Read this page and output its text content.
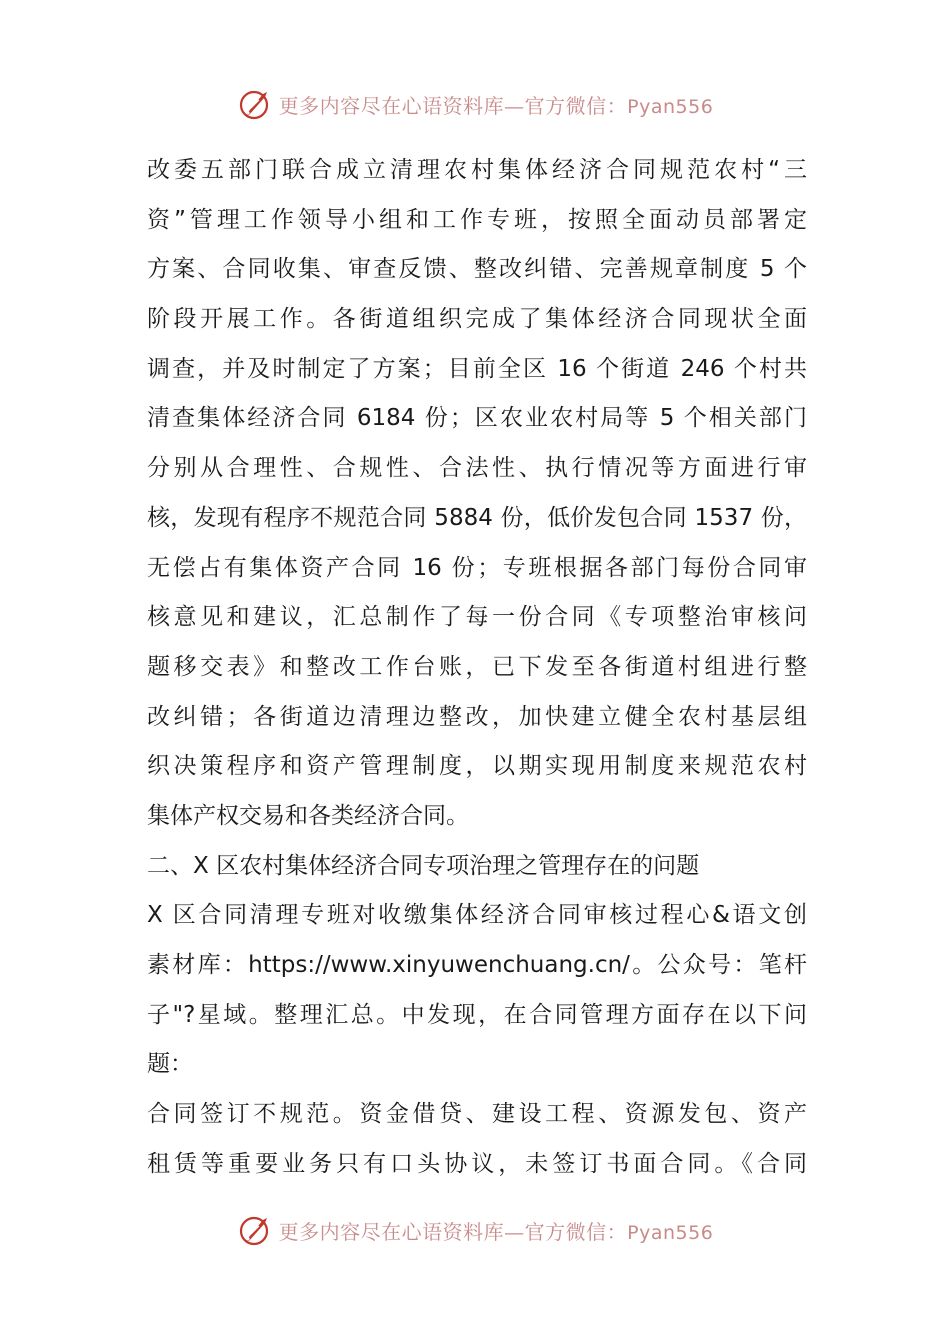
更多内容尽在心语资料库—官方微信：Pyan556
改委五部门联合成立清理农村集体经济合同规范农村“三
资”管理工作领导小组和工作专班，按照全面动员部署定
方案、合同收集、审查反馈、整改纠错、完善规章制度 5 个
阶段开展工作。各街道组织完成了集体经济合同现状全面
调查，并及时制定了方案；目前全区 16 个街道 246 个村共
清查集体经济合同 6184 份；区农业农村局等 5 个相关部门
分别从合理性、合规性、合法性、执行情况等方面进行审
核，发现有程序不规范合同 5884 份，低价发包合同 1537 份，
无偿占有集体资产合同 16 份；专班根据各部门每份合同审
核意见和建议，汇总制作了每一份合同《专项整治审核问
题移交表》和整改工作台账，已下发至各街道村组进行整
改纠错；各街道边清理边整改，加快建立健全农村基层组
织决策程序和资产管理制度，以期实现用制度来规范农村
集体产权交易和各类经济合同。
二、X 区农村集体经济合同专项治理之管理存在的问题
X 区合同清理专班对收缴集体经济合同审核过程心&语文创
素材库：https://www.xinyuwenchuang.cn/。公众号：笔杆
子"?星域。整理汇总。中发现，在合同管理方面存在以下问
题：
合同签订不规范。资金借贷、建设工程、资源发包、资产
租赁等重要业务只有口头协议，未签订书面合同。《合同
更多内容尽在心语资料库—官方微信：Pyan556
